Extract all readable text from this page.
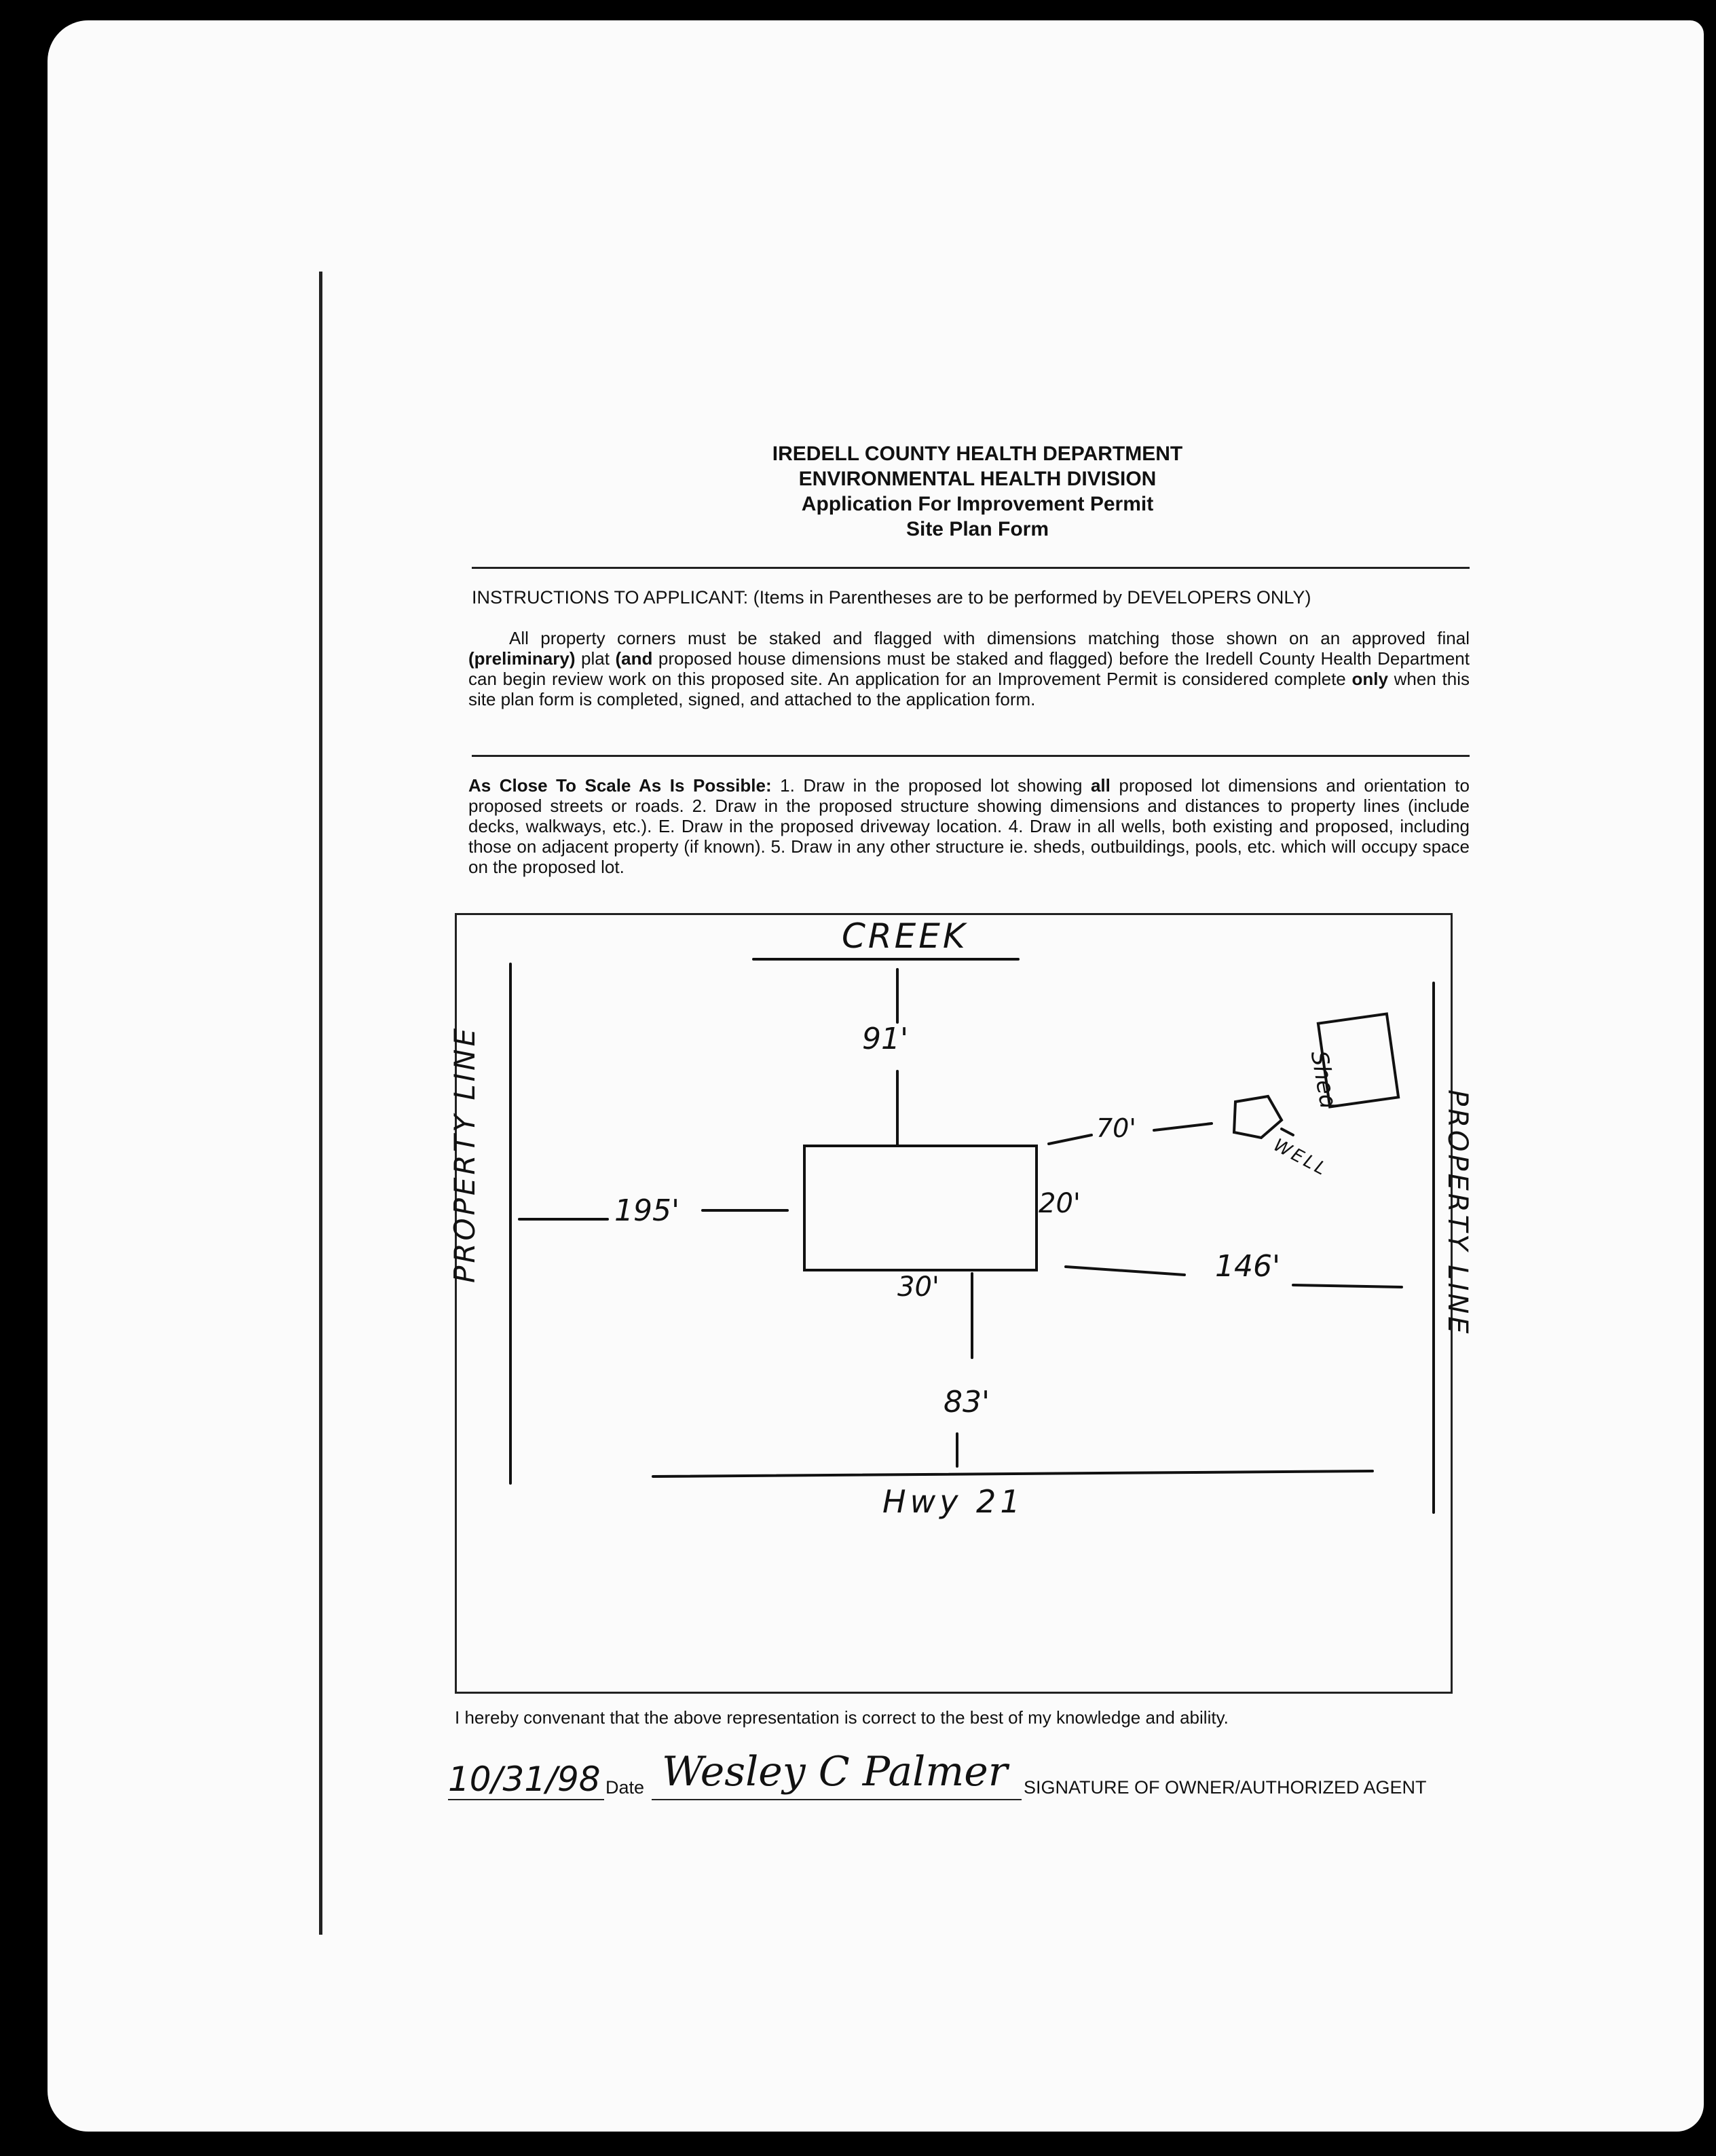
IREDELL COUNTY HEALTH DEPARTMENT
ENVIRONMENTAL HEALTH DIVISION
Application For Improvement Permit
Site Plan Form
INSTRUCTIONS TO APPLICANT: (Items in Parentheses are to be performed by DEVELOPERS ONLY)
All property corners must be staked and flagged with dimensions matching those shown on an approved final (preliminary) plat (and proposed house dimensions must be staked and flagged) before the Iredell County Health Department can begin review work on this proposed site. An application for an Improvement Permit is considered complete only when this site plan form is completed, signed, and attached to the application form.
As Close To Scale As Is Possible: 1. Draw in the proposed lot showing all proposed lot dimensions and orientation to proposed streets or roads. 2. Draw in the proposed structure showing dimensions and distances to property lines (include decks, walkways, etc.). E. Draw in the proposed driveway location. 4. Draw in all wells, both existing and proposed, including those on adjacent property (if known). 5. Draw in any other structure ie. sheds, outbuildings, pools, etc. which will occupy space on the proposed lot.
CREEK
Hwy 21
91'
83'
195'
146'
70'
30'
20'
WELL
Shed
PROPERTY LINE	PROPERTY LINE
I hereby convenant that the above representation is correct to the best of my knowledge and ability.
10/31/98 Date Wesley C Palmer SIGNATURE OF OWNER/AUTHORIZED AGENT
